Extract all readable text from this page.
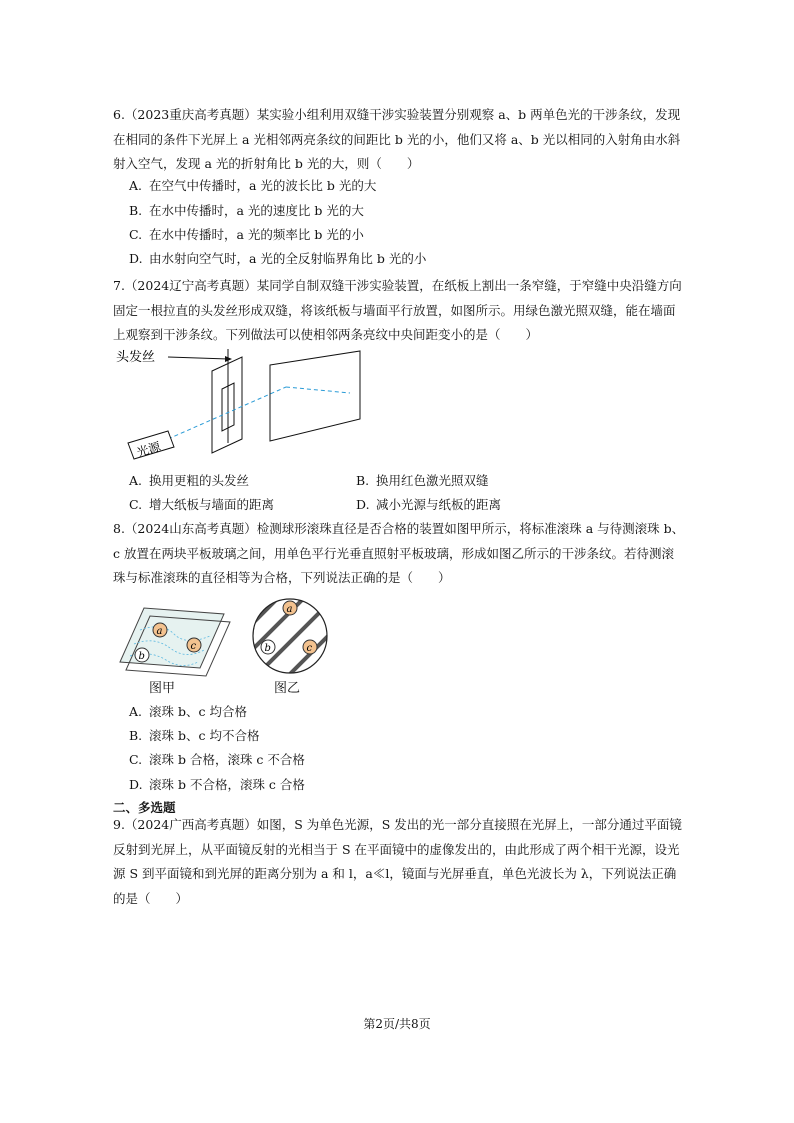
6.（2023重庆高考真题）某实验小组利用双缝干涉实验装置分别观察 a、b 两单色光的干涉条纹，发现在相同的条件下光屏上 a 光相邻两亮条纹的间距比 b 光的小，他们又将 a、b 光以相同的入射角由水斜射入空气，发现 a 光的折射角比 b 光的大，则（　　）

A. 在空气中传播时，a 光的波长比 b 光的大
B. 在水中传播时，a 光的速度比 b 光的大
C. 在水中传播时，a 光的频率比 b 光的小
D. 由水射向空气时，a 光的全反射临界角比 b 光的小

7.（2024辽宁高考真题）某同学自制双缝干涉实验装置，在纸板上割出一条窄缝，于窄缝中央沿缝方向固定一根拉直的头发丝形成双缝，将该纸板与墙面平行放置，如图所示。用绿色激光照双缝，能在墙面上观察到干涉条纹。下列做法可以使相邻两条亮纹中央间距变小的是（　　）

头发丝
光源
A. 换用更粗的头发丝	B. 换用红色激光照双缝
C. 增大纸板与墙面的距离	D. 减小光源与纸板的距离

8.（2024山东高考真题）检测球形滚珠直径是否合格的装置如图甲所示，将标准滚珠 a 与待测滚珠 b、c 放置在两块平板玻璃之间，用单色平行光垂直照射平板玻璃，形成如图乙所示的干涉条纹。若待测滚珠与标准滚珠的直径相等为合格，下列说法正确的是（　　）

a
b
c
图甲
a
b	c
图乙
A. 滚珠 b、c 均合格
B. 滚珠 b、c 均不合格
C. 滚珠 b 合格，滚珠 c 不合格
D. 滚珠 b 不合格，滚珠 c 合格
二、多选题

9.（2024广西高考真题）如图，S 为单色光源，S 发出的光一部分直接照在光屏上，一部分通过平面镜反射到光屏上，从平面镜反射的光相当于 S 在平面镜中的虚像发出的，由此形成了两个相干光源，设光源 S 到平面镜和到光屏的距离分别为 a 和 l，a≪l，镜面与光屏垂直，单色光波长为 λ，下列说法正确的是（　　）

第2页/共8页
